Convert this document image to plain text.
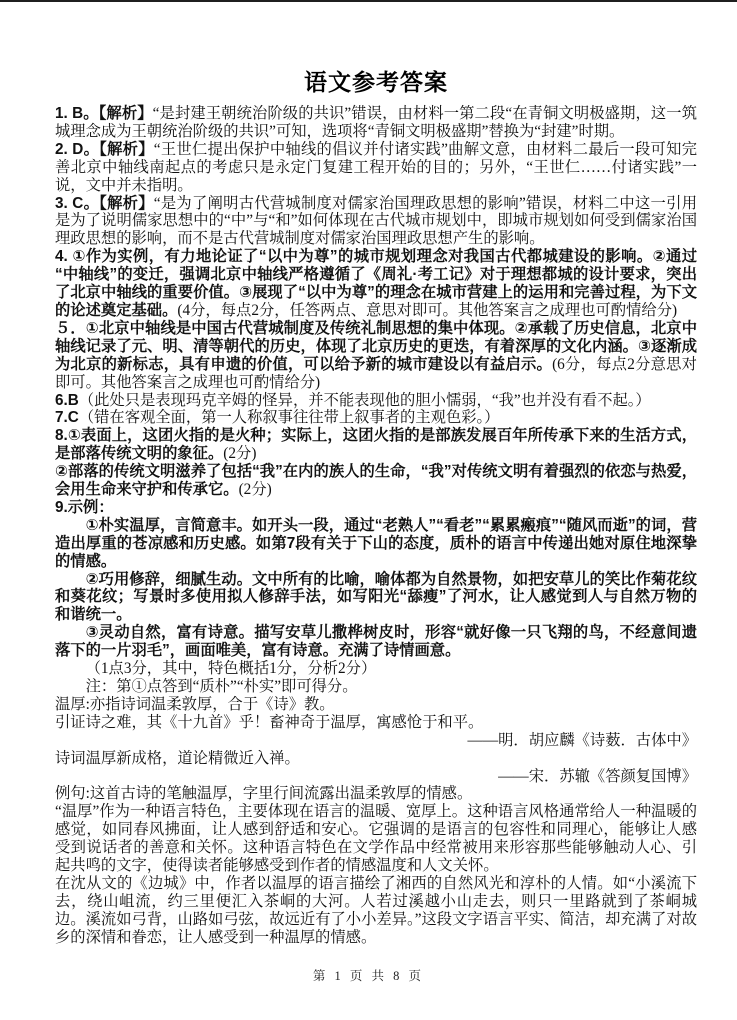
语文参考答案

1. B。【解析】“是封建王朝统治阶级的共识”错误，由材料一第二段“在青铜文明极盛期，这一筑城理念成为王朝统治阶级的共识”可知，选项将“青铜文明极盛期”替换为“封建”时期。

2. D。【解析】“王世仁提出保护中轴线的倡议并付诸实践”曲解文意，由材料二最后一段可知完善北京中轴线南起点的考虑只是永定门复建工程开始的目的；另外，“王世仁……付诸实践”一说，文中并未指明。

3. C。【解析】“是为了阐明古代营城制度对儒家治国理政思想的影响”错误，材料二中这一引用是为了说明儒家思想中的“中”与“和”如何体现在古代城市规划中，即城市规划如何受到儒家治国理政思想的影响，而不是古代营城制度对儒家治国理政思想产生的影响。

4. ①作为实例，有力地论证了“以中为尊”的城市规划理念对我国古代都城建设的影响。②通过“中轴线”的变迁，强调北京中轴线严格遵循了《周礼·考工记》对于理想都城的设计要求，突出了北京中轴线的重要价值。③展现了“以中为尊”的理念在城市营建上的运用和完善过程，为下文的论述奠定基础。(4分，每点2分，任答两点、意思对即可。其他答案言之成理也可酌情给分)

５．①北京中轴线是中国古代营城制度及传统礼制思想的集中体现。②承载了历史信息，北京中轴线记录了元、明、清等朝代的历史，体现了北京历史的更迭，有着深厚的文化内涵。③逐渐成为北京的新标志，具有申遗的价值，可以给予新的城市建设以有益启示。(6分，每点2分意思对即可。其他答案言之成理也可酌情给分)

6.B（此处只是表现玛克辛姆的怪异，并不能表现他的胆小懦弱，“我”也并没有看不起。）

7.C（错在客观全面，第一人称叙事往往带上叙事者的主观色彩。）

8.①表面上，这团火指的是火种；实际上，这团火指的是部族发展百年所传承下来的生活方式，是部落传统文明的象征。(2分)

②部落的传统文明滋养了包括“我”在内的族人的生命，“我”对传统文明有着强烈的依恋与热爱，会用生命来守护和传承它。(2分)

9.示例：

①朴实温厚，言简意丰。如开头一段，通过“老熟人”“看老”“累累瘢痕”“随风而逝”的词，营造出厚重的苍凉感和历史感。如第7段有关于下山的态度，质朴的语言中传递出她对原住地深挚的情感。

②巧用修辞，细腻生动。文中所有的比喻，喻体都为自然景物，如把安草儿的笑比作菊花纹和葵花纹；写景时多使用拟人修辞手法，如写阳光“舔瘦”了河水，让人感觉到人与自然万物的和谐统一。

③灵动自然，富有诗意。描写安草儿撒桦树皮时，形容“就好像一只飞翔的鸟，不经意间遗落下的一片羽毛”，画面唯美，富有诗意。充满了诗情画意。

（1点3分，其中，特色概括1分，分析2分）

注：第①点答到“质朴”“朴实”即可得分。

温厚:亦指诗词温柔敦厚，合于《诗》教。

引证诗之难，其《十九首》乎！畜神奇于温厚，寓感怆于和平。

——明．胡应麟《诗薮．古体中》

诗词温厚新成格，道论精微近入禅。

——宋．苏辙《答颜复国博》

例句:这首古诗的笔触温厚，字里行间流露出温柔敦厚的情感。

“温厚”作为一种语言特色，主要体现在语言的温暖、宽厚上。这种语言风格通常给人一种温暖的感觉，如同春风拂面，让人感到舒适和安心。它强调的是语言的包容性和同理心，能够让人感受到说话者的善意和关怀。这种语言特色在文学作品中经常被用来形容那些能够触动人心、引起共鸣的文字，使得读者能够感受到作者的情感温度和人文关怀。

在沈从文的《边城》中，作者以温厚的语言描绘了湘西的自然风光和淳朴的人情。如“小溪流下去，绕山岨流，约三里便汇入茶峒的大河。人若过溪越小山走去，则只一里路就到了茶峒城边。溪流如弓背，山路如弓弦，故远近有了小小差异。”这段文字语言平实、简洁，却充满了对故乡的深情和眷恋，让人感受到一种温厚的情感。

第 1 页 共 8 页
